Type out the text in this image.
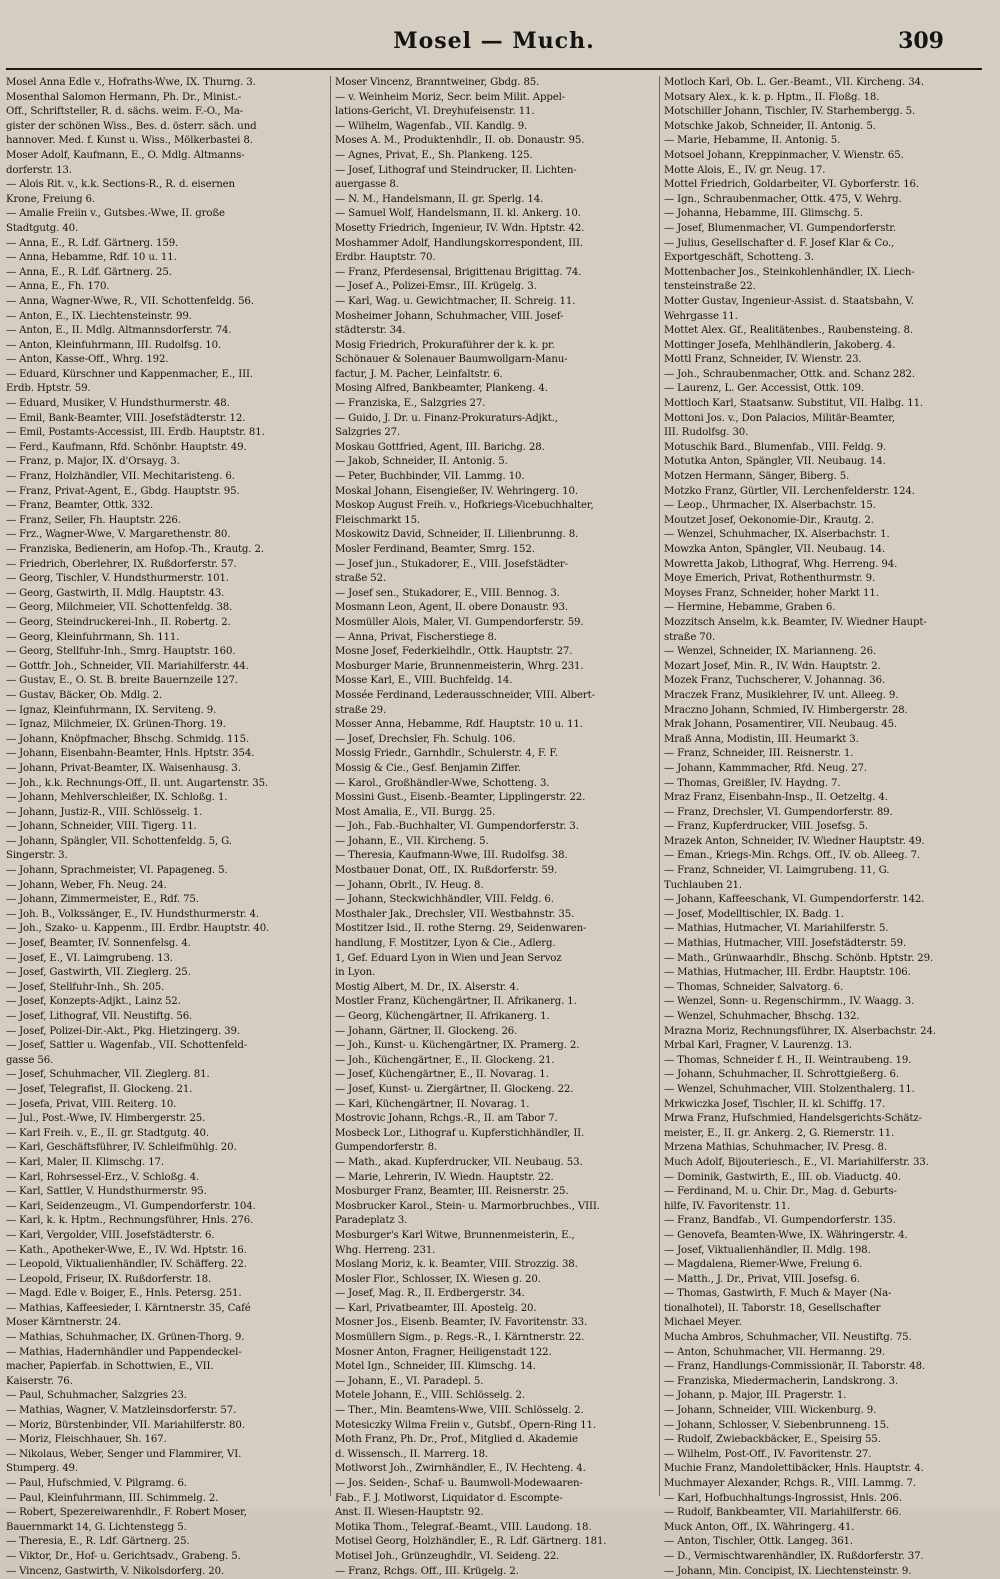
Mosel — Much.	309
Mosel Anna Edle v., Hofraths-Wwe, IX. Thurng. 3.
Mosenthal Salomon Hermann, Ph. Dr., Minist.-
Off., Schriftsteller, R. d. sächs. weim. F.-O., Ma-
gister der schönen Wiss., Bes. d. österr. säch. und
hannover. Med. f. Kunst u. Wiss., Mölkerbastei 8.
Moser Adolf, Kaufmann, E., O. Mdlg. Altmanns-
dorferstr. 13.
— Alois Rit. v., k.k. Sections-R., R. d. eisernen
Krone, Freiung 6.
— Amalie Freiin v., Gutsbes.-Wwe, II. große
Stadtgutg. 40.
— Anna, E., R. Ldf. Gärtnerg. 159.
— Anna, Hebamme, Rdf. 10 u. 11.
— Anna, E., R. Ldf. Gärtnerg. 25.
— Anna, E., Fh. 170.
— Anna, Wagner-Wwe, R., VII. Schottenfeldg. 56.
— Anton, E., IX. Liechtensteinstr. 99.
— Anton, E., II. Mdlg. Altmannsdorferstr. 74.
— Anton, Kleinfuhrmann, III. Rudolfsg. 10.
— Anton, Kasse-Off., Whrg. 192.
— Eduard, Kürschner und Kappenmacher, E., III.
Erdb. Hptstr. 59.
— Eduard, Musiker, V. Hundsthurmerstr. 48.
— Emil, Bank-Beamter, VIII. Josefstädterstr. 12.
— Emil, Postamts-Accessist, III. Erdb. Hauptstr. 81.
— Ferd., Kaufmann, Rfd. Schönbr. Hauptstr. 49.
— Franz, p. Major, IX. d'Orsayg. 3.
— Franz, Holzhändler, VII. Mechitaristeng. 6.
— Franz, Privat-Agent, E., Gbdg. Hauptstr. 95.
— Franz, Beamter, Ottk. 332.
— Franz, Seiler, Fh. Hauptstr. 226.
— Frz., Wagner-Wwe, V. Margarethenstr. 80.
— Franziska, Bedienerin, am Hofop.-Th., Krautg. 2.
— Friedrich, Oberlehrer, IX. Rußdorferstr. 57.
— Georg, Tischler, V. Hundsthurmerstr. 101.
— Georg, Gastwirth, II. Mdlg. Hauptstr. 43.
— Georg, Milchmeier, VII. Schottenfeldg. 38.
— Georg, Steindruckerei-Inh., II. Robertg. 2.
— Georg, Kleinfuhrmann, Sh. 111.
— Georg, Stellfuhr-Inh., Smrg. Hauptstr. 160.
— Gottfr. Joh., Schneider, VII. Mariahilferstr. 44.
— Gustav, E., O. St. B. breite Bauernzeile 127.
— Gustav, Bäcker, Ob. Mdlg. 2.
— Ignaz, Kleinfuhrmann, IX. Serviteng. 9.
— Ignaz, Milchmeier, IX. Grünen-Thorg. 19.
— Johann, Knöpfmacher, Bhschg. Schmidg. 115.
— Johann, Eisenbahn-Beamter, Hnls. Hptstr. 354.
— Johann, Privat-Beamter, IX. Waisenhausg. 3.
— Joh., k.k. Rechnungs-Off., II. unt. Augartenstr. 35.
— Johann, Mehlverschleißer, IX. Schloßg. 1.
— Johann, Justiz-R., VIII. Schlösselg. 1.
— Johann, Schneider, VIII. Tigerg. 11.
— Johann, Spängler, VII. Schottenfeldg. 5, G.
Singerstr. 3.
— Johann, Sprachmeister, VI. Papageneg. 5.
— Johann, Weber, Fh. Neug. 24.
— Johann, Zimmermeister, E., Rdf. 75.
— Joh. B., Volkssänger, E., IV. Hundsthurmerstr. 4.
— Joh., Szako- u. Kappenm., III. Erdbr. Hauptstr. 40.
— Josef, Beamter, IV. Sonnenfelsg. 4.
— Josef, E., VI. Laimgrubeng. 13.
— Josef, Gastwirth, VII. Zieglerg. 25.
— Josef, Stellfuhr-Inh., Sh. 205.
— Josef, Konzepts-Adjkt., Lainz 52.
— Josef, Lithograf, VII. Neustiftg. 56.
— Josef, Polizei-Dir.-Akt., Pkg. Hietzingerg. 39.
— Josef, Sattler u. Wagenfab., VII. Schottenfeld-
gasse 56.
— Josef, Schuhmacher, VII. Zieglerg. 81.
— Josef, Telegrafist, II. Glockeng. 21.
— Josefa, Privat, VIII. Reiterg. 10.
— Jul., Post.-Wwe, IV. Himbergerstr. 25.
— Karl Freih. v., E., II. gr. Stadtgutg. 40.
— Karl, Geschäftsführer, IV. Schleifmühlg. 20.
— Karl, Maler, II. Klimschg. 17.
— Karl, Rohrsessel-Erz., V. Schloßg. 4.
— Karl, Sattler, V. Hundsthurmerstr. 95.
— Karl, Seidenzeugm., VI. Gumpendorferstr. 104.
— Karl, k. k. Hptm., Rechnungsführer, Hnls. 276.
— Karl, Vergolder, VIII. Josefstädterstr. 6.
— Kath., Apotheker-Wwe, E., IV. Wd. Hptstr. 16.
— Leopold, Viktualienhändler, IV. Schäfferg. 22.
— Leopold, Friseur, IX. Rußdorferstr. 18.
— Magd. Edle v. Boiger, E., Hnls. Petersg. 251.
— Mathias, Kaffeesieder, I. Kärntnerstr. 35, Café
Moser Kärntnerstr. 24.
— Mathias, Schuhmacher, IX. Grünen-Thorg. 9.
— Mathias, Hadernhändler und Pappendeckel-
macher, Papierfab. in Schottwien, E., VII.
Kaiserstr. 76.
— Paul, Schuhmacher, Salzgries 23.
— Mathias, Wagner, V. Matzleinsdorferstr. 57.
— Moriz, Bürstenbinder, VII. Mariahilferstr. 80.
— Moriz, Fleischhauer, Sh. 167.
— Nikolaus, Weber, Senger und Flammirer, VI.
Stumperg. 49.
— Paul, Hufschmied, V. Pilgramg. 6.
— Paul, Kleinfuhrmann, III. Schimmelg. 2.
— Robert, Spezereiwarenhdlr., F. Robert Moser,
Bauernmarkt 14, G. Lichtenstegg 5.
— Theresia, E., R. Ldf. Gärtnerg. 25.
— Viktor, Dr., Hof- u. Gerichtsadv., Grabeng. 5.
— Vincenz, Gastwirth, V. Nikolsdorferg. 20.
Moser Vincenz, Branntweiner, Gbdg. 85.
— v. Weinheim Moriz, Secr. beim Milit. Appel-
lations-Gericht, VI. Dreyhufeisenstr. 11.
— Wilhelm, Wagenfab., VII. Kandlg. 9.
Moses A. M., Produktenhdlr., II. ob. Donaustr. 95.
— Agnes, Privat, E., Sh. Plankeng. 125.
— Josef, Lithograf und Steindrucker, II. Lichten-
auergasse 8.
— N. M., Handelsmann, II. gr. Sperlg. 14.
— Samuel Wolf, Handelsmann, II. kl. Ankerg. 10.
Mosetty Friedrich, Ingenieur, IV. Wdn. Hptstr. 42.
Moshammer Adolf, Handlungskorrespondent, III.
Erdbr. Hauptstr. 70.
— Franz, Pferdesensal, Brigittenau Brigittag. 74.
— Josef A., Polizei-Emsr., III. Krügelg. 3.
— Karl, Wag. u. Gewichtmacher, II. Schreig. 11.
Mosheimer Johann, Schuhmacher, VIII. Josef-
städterstr. 34.
Mosig Friedrich, Prokuraführer der k. k. pr.
Schönauer & Solenauer Baumwollgarn-Manu-
factur, J. M. Pacher, Leinfaltstr. 6.
Mosing Alfred, Bankbeamter, Plankeng. 4.
— Franziska, E., Salzgries 27.
— Guido, J. Dr. u. Finanz-Prokuraturs-Adjkt.,
Salzgries 27.
Moskau Gottfried, Agent, III. Barichg. 28.
— Jakob, Schneider, II. Antonig. 5.
— Peter, Buchbinder, VII. Lammg. 10.
Moskal Johann, Eisengießer, IV. Wehringerg. 10.
Moskop August Freih. v., Hofkriegs-Vicebuchhalter,
Fleischmarkt 15.
Moskowitz David, Schneider, II. Lilienbrunng. 8.
Mosler Ferdinand, Beamter, Smrg. 152.
— Josef jun., Stukadorer, E., VIII. Josefstädter-
straße 52.
— Josef sen., Stukadorer, E., VIII. Bennog. 3.
Mosmann Leon, Agent, II. obere Donaustr. 93.
Mosmüller Alois, Maler, VI. Gumpendorferstr. 59.
— Anna, Privat, Fischerstiege 8.
Mosne Josef, Federkielhdlr., Ottk. Hauptstr. 27.
Mosburger Marie, Brunnenmeisterin, Whrg. 231.
Mosse Karl, E., VIII. Buchfeldg. 14.
Mossée Ferdinand, Lederausschneider, VIII. Albert-
straße 29.
Mosser Anna, Hebamme, Rdf. Hauptstr. 10 u. 11.
— Josef, Drechsler, Fh. Schulg. 106.
Mossig Friedr., Garnhdlr., Schulerstr. 4, F. F.
Mossig & Cie., Gesf. Benjamin Ziffer.
— Karol., Großhändler-Wwe, Schotteng. 3.
Mossini Gust., Eisenb.-Beamter, Lipplingerstr. 22.
Most Amalia, E., VII. Burgg. 25.
— Joh., Fab.-Buchhalter, VI. Gumpendorferstr. 3.
— Johann, E., VII. Kircheng. 5.
— Theresia, Kaufmann-Wwe, III. Rudolfsg. 38.
Mostbauer Donat, Off., IX. Rußdorferstr. 59.
— Johann, Obrlt., IV. Heug. 8.
— Johann, Steckwichhändler, VIII. Feldg. 6.
Mosthaler Jak., Drechsler, VII. Westbahnstr. 35.
Mostitzer Isid., II. rothe Sterng. 29, Seidenwaren-
handlung, F. Mostitzer, Lyon & Cie., Adlerg.
1, Gef. Eduard Lyon in Wien und Jean Servoz
in Lyon.
Mostig Albert, M. Dr., IX. Alserstr. 4.
Mostler Franz, Küchengärtner, II. Afrikanerg. 1.
— Georg, Küchengärtner, II. Afrikanerg. 1.
— Johann, Gärtner, II. Glockeng. 26.
— Joh., Kunst- u. Küchengärtner, IX. Pramerg. 2.
— Joh., Küchengärtner, E., II. Glockeng. 21.
— Josef, Küchengärtner, E., II. Novarag. 1.
— Josef, Kunst- u. Ziergärtner, II. Glockeng. 22.
— Karl, Küchengärtner, II. Novarag. 1.
Mostrovic Johann, Rchgs.-R., II. am Tabor 7.
Mosbeck Lor., Lithograf u. Kupferstichhändler, II.
Gumpendorferstr. 8.
— Math., akad. Kupferdrucker, VII. Neubaug. 53.
— Marie, Lehrerin, IV. Wiedn. Hauptstr. 22.
Mosburger Franz, Beamter, III. Reisnerstr. 25.
Mosbrucker Karol., Stein- u. Marmorbruchbes., VIII.
Paradeplatz 3.
Mosburger's Karl Witwe, Brunnenmeisterin, E.,
Whg. Herreng. 231.
Moslang Moriz, k. k. Beamter, VIII. Strozzig. 38.
Mosler Flor., Schlosser, IX. Wiesen g. 20.
— Josef, Mag. R., II. Erdbergerstr. 34.
— Karl, Privatbeamter, III. Apostelg. 20.
Mosner Jos., Eisenb. Beamter, IV. Favoritenstr. 33.
Mosmüllern Sigm., p. Regs.-R., I. Kärntnerstr. 22.
Mosner Anton, Fragner, Heiligenstadt 122.
Motel Ign., Schneider, III. Klimschg. 14.
— Johann, E., VI. Paradepl. 5.
Motele Johann, E., VIII. Schlösselg. 2.
— Ther., Min. Beamtens-Wwe, VIII. Schlösselg. 2.
Motesiczky Wilma Freiin v., Gutsbf., Opern-Ring 11.
Moth Franz, Ph. Dr., Prof., Mitglied d. Akademie
d. Wissensch., II. Marrerg. 18.
Motlworst Joh., Zwirnhändler, E., IV. Hechteng. 4.
— Jos. Seiden-, Schaf- u. Baumwoll-Modewaaren-
Fab., F. J. Motlworst, Liquidator d. Escompte-
Anst. II. Wiesen-Hauptstr. 92.
Motika Thom., Telegraf.-Beamt., VIII. Laudong. 18.
Motisel Georg, Holzhändler, E., R. Ldf. Gärtnerg. 181.
Motisel Joh., Grünzeughdlr., VI. Seideng. 22.
— Franz, Rchgs. Off., III. Krügelg. 2.
Motloch Karl, Ob. L. Ger.-Beamt., VII. Kircheng. 34.
Motsary Alex., k. k. p. Hptm., II. Floßg. 18.
Motschiller Johann, Tischler, IV. Starhembergg. 5.
Motschke Jakob, Schneider, II. Antonig. 5.
— Marie, Hebamme, II. Antonig. 5.
Motsoel Johann, Kreppinmacher, V. Wienstr. 65.
Motte Alois, E., IV. gr. Neug. 17.
Mottel Friedrich, Goldarbeiter, VI. Gyborferstr. 16.
— Ign., Schraubenmacher, Ottk. 475, V. Wehrg.
— Johanna, Hebamme, III. Glimschg. 5.
— Josef, Blumenmacher, VI. Gumpendorferstr.
— Julius, Gesellschafter d. F. Josef Klar & Co.,
Exportgeschäft, Schotteng. 3.
Mottenbacher Jos., Steinkohlenhändler, IX. Liech-
tensteinstraße 22.
Motter Gustav, Ingenieur-Assist. d. Staatsbahn, V.
Wehrgasse 11.
Mottet Alex. Gf., Realitätenbes., Raubensteing. 8.
Mottinger Josefa, Mehlhändlerin, Jakoberg. 4.
Mottl Franz, Schneider, IV. Wienstr. 23.
— Joh., Schraubenmacher, Ottk. and. Schanz 282.
— Laurenz, L. Ger. Accessist, Ottk. 109.
Mottloch Karl, Staatsanw. Substitut, VII. Halbg. 11.
Mottoni Jos. v., Don Palacios, Militär-Beamter,
III. Rudolfsg. 30.
Motuschik Bard., Blumenfab., VIII. Feldg. 9.
Motutka Anton, Spängler, VII. Neubaug. 14.
Motzen Hermann, Sänger, Biberg. 5.
Motzko Franz, Gürtler, VII. Lerchenfelderstr. 124.
— Leop., Uhrmacher, IX. Alserbachstr. 15.
Moutzet Josef, Oekonomie-Dir., Krautg. 2.
— Wenzel, Schuhmacher, IX. Alserbachstr. 1.
Mowzka Anton, Spängler, VII. Neubaug. 14.
Mowretta Jakob, Lithograf, Whg. Herreng. 94.
Moye Emerich, Privat, Rothenthurmstr. 9.
Moyses Franz, Schneider, hoher Markt 11.
— Hermine, Hebamme, Graben 6.
Mozzitsch Anselm, k.k. Beamter, IV. Wiedner Haupt-
straße 70.
— Wenzel, Schneider, IX. Marianneng. 26.
Mozart Josef, Min. R., IV. Wdn. Hauptstr. 2.
Mozek Franz, Tuchscherer, V. Johannag. 36.
Mraczek Franz, Musiklehrer, IV. unt. Alleeg. 9.
Mraczno Johann, Schmied, IV. Himbergerstr. 28.
Mrak Johann, Posamentirer, VII. Neubaug. 45.
Mraß Anna, Modistin, III. Heumarkt 3.
— Franz, Schneider, III. Reisnerstr. 1.
— Johann, Kammmacher, Rfd. Neug. 27.
— Thomas, Greißler, IV. Haydng. 7.
Mraz Franz, Eisenbahn-Insp., II. Oetzeltg. 4.
— Franz, Drechsler, VI. Gumpendorferstr. 89.
— Franz, Kupferdrucker, VIII. Josefsg. 5.
Mrazek Anton, Schneider, IV. Wiedner Hauptstr. 49.
— Eman., Kriegs-Min. Rchgs. Off., IV. ob. Alleeg. 7.
— Franz, Schneider, VI. Laimgrubeng. 11, G.
Tuchlauben 21.
— Johann, Kaffeeschank, VI. Gumpendorferstr. 142.
— Josef, Modelltischler, IX. Badg. 1.
— Mathias, Hutmacher, VI. Mariahilferstr. 5.
— Mathias, Hutmacher, VIII. Josefstädterstr. 59.
— Math., Grünwaarhdlr., Bhschg. Schönb. Hptstr. 29.
— Mathias, Hutmacher, III. Erdbr. Hauptstr. 106.
— Thomas, Schneider, Salvatorg. 6.
— Wenzel, Sonn- u. Regenschirmm., IV. Waagg. 3.
— Wenzel, Schuhmacher, Bhschg. 132.
Mrazna Moriz, Rechnungsführer, IX. Alserbachstr. 24.
Mrbal Karl, Fragner, V. Laurenzg. 13.
— Thomas, Schneider f. H., II. Weintraubeng. 19.
— Johann, Schuhmacher, II. Schrottgießerg. 6.
— Wenzel, Schuhmacher, VIII. Stolzenthalerg. 11.
Mrkwiczka Josef, Tischler, II. kl. Schiffg. 17.
Mrwa Franz, Hufschmied, Handelsgerichts-Schätz-
meister, E., II. gr. Ankerg. 2, G. Riemerstr. 11.
Mrzena Mathias, Schuhmacher, IV. Presg. 8.
Much Adolf, Bijouteriesch., E., VI. Mariahilferstr. 33.
— Dominik, Gastwirth, E., III. ob. Viaductg. 40.
— Ferdinand, M. u. Chir. Dr., Mag. d. Geburts-
hilfe, IV. Favoritenstr. 11.
— Franz, Bandfab., VI. Gumpendorferstr. 135.
— Genovefa, Beamten-Wwe, IX. Währingerstr. 4.
— Josef, Viktualienhändler, II. Mdlg. 198.
— Magdalena, Riemer-Wwe, Freiung 6.
— Matth., J. Dr., Privat, VIII. Josefsg. 6.
— Thomas, Gastwirth, F. Much & Mayer (Na-
tionalhotel), II. Taborstr. 18, Gesellschafter
Michael Meyer.
Mucha Ambros, Schuhmacher, VII. Neustiftg. 75.
— Anton, Schuhmacher, VII. Hermanng. 29.
— Franz, Handlungs-Commissionär, II. Taborstr. 48.
— Franziska, Miedermacherin, Landskrong. 3.
— Johann, p. Major, III. Pragerstr. 1.
— Johann, Schneider, VIII. Wickenburg. 9.
— Johann, Schlosser, V. Siebenbrunneng. 15.
— Rudolf, Zwiebackbäcker, E., Speisirg 55.
— Wilhelm, Post-Off., IV. Favoritenstr. 27.
Muchie Franz, Mandolettibäcker, Hnls. Hauptstr. 4.
Muchmayer Alexander, Rchgs. R., VIII. Lammg. 7.
— Karl, Hofbuchhaltungs-Ingrossist, Hnls. 206.
— Rudolf, Bankbeamter, VII. Mariahilferstr. 66.
Muck Anton, Off., IX. Währingerg. 41.
— Anton, Tischler, Ottk. Langeg. 361.
— D., Vermischtwarenhändler, IX. Rußdorferstr. 37.
— Johann, Min. Concipist, IX. Liechtensteinstr. 9.
